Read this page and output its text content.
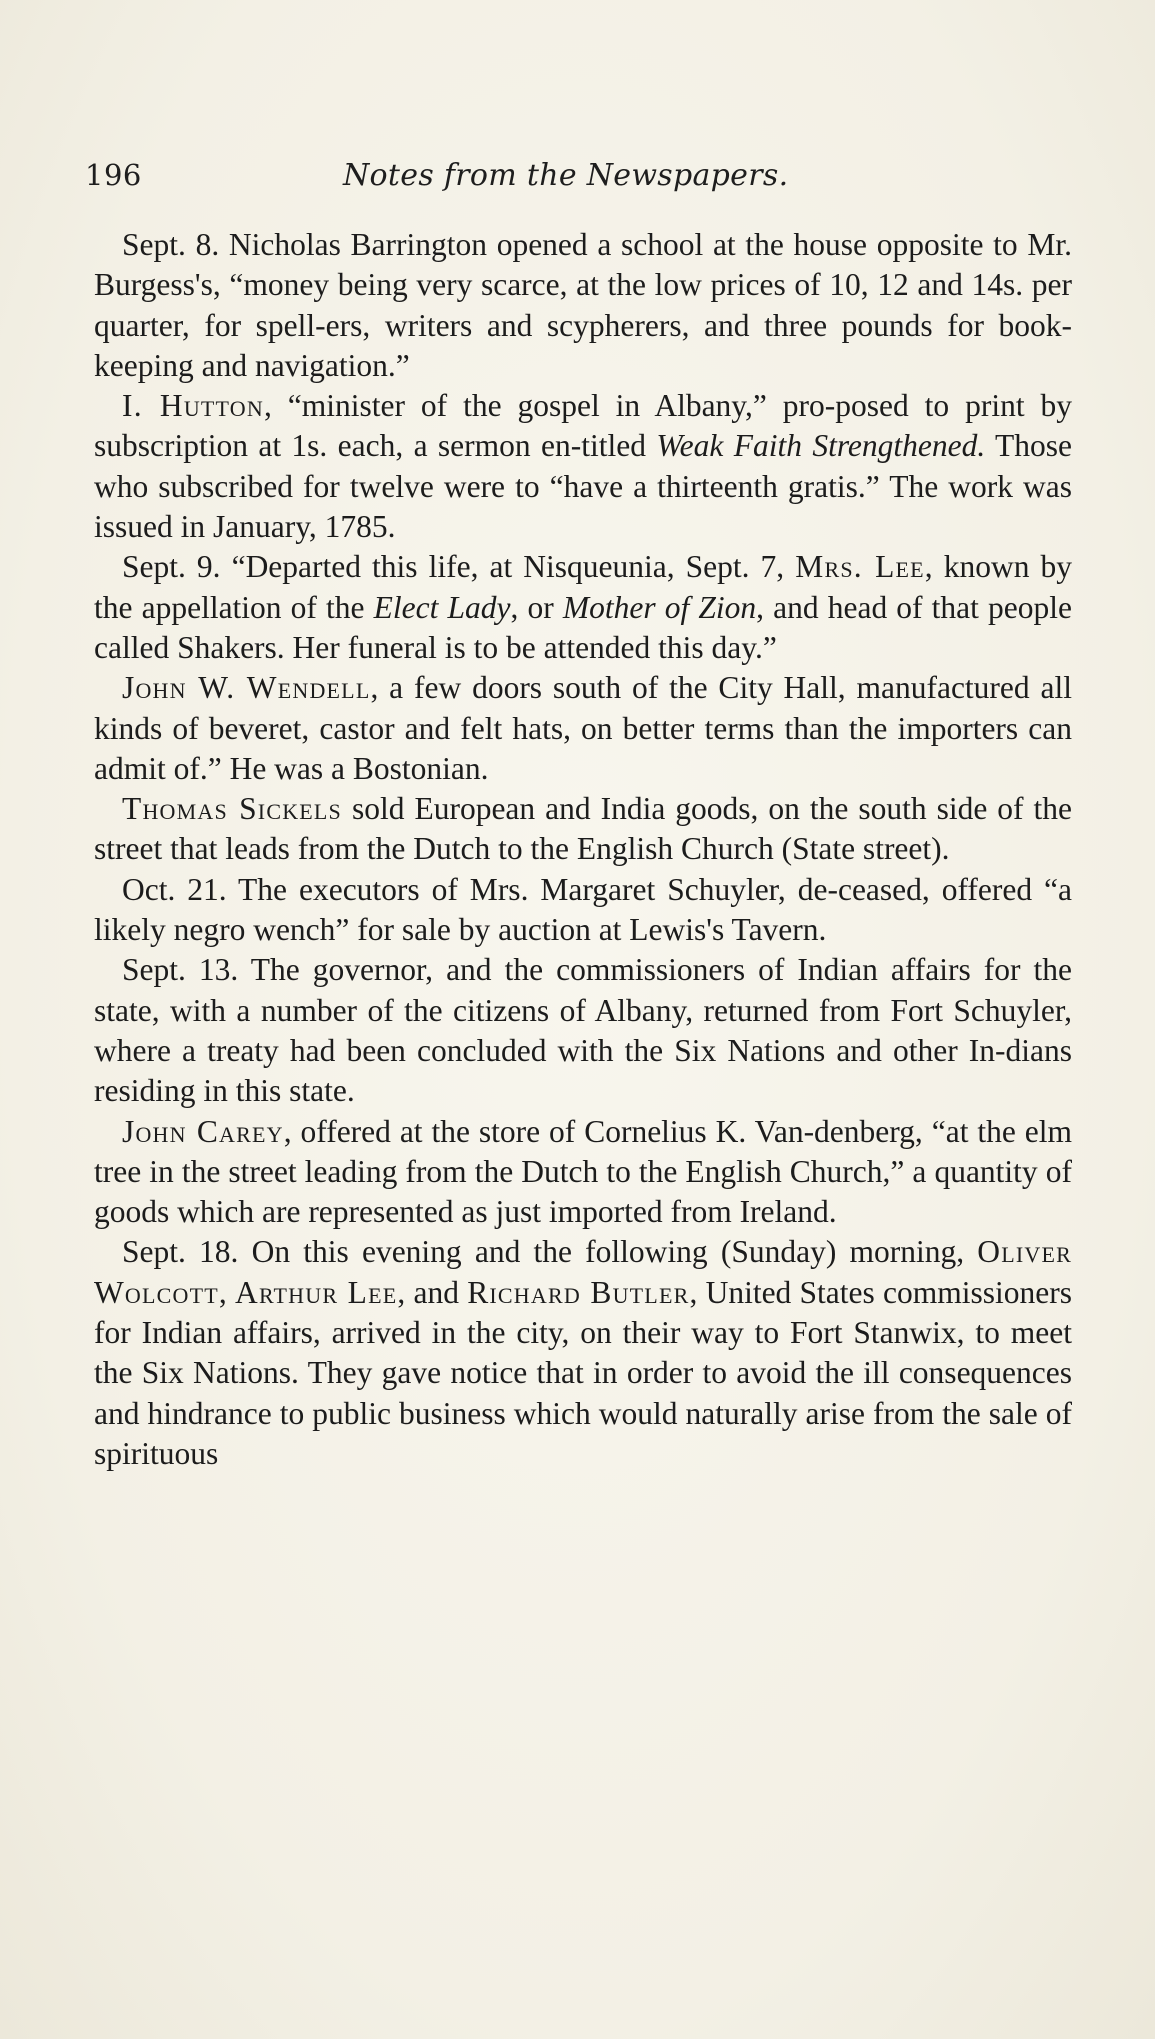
196	Notes from the Newspapers.

Sept. 8. Nicholas Barrington opened a school at the house opposite to Mr. Burgess's, “money being very scarce, at the low prices of 10, 12 and 14s. per quarter, for spell-ers, writers and scypherers, and three pounds for book-keeping and navigation.”

I. Hutton, “minister of the gospel in Albany,” pro-posed to print by subscription at 1s. each, a sermon en-titled Weak Faith Strengthened. Those who subscribed for twelve were to “have a thirteenth gratis.” The work was issued in January, 1785.

Sept. 9. “Departed this life, at Nisqueunia, Sept. 7, Mrs. Lee, known by the appellation of the Elect Lady, or Mother of Zion, and head of that people called Shakers. Her funeral is to be attended this day.”

John W. Wendell, a few doors south of the City Hall, manufactured all kinds of beveret, castor and felt hats, on better terms than the importers can admit of.” He was a Bostonian.

Thomas Sickels sold European and India goods, on the south side of the street that leads from the Dutch to the English Church (State street).

Oct. 21. The executors of Mrs. Margaret Schuyler, de-ceased, offered “a likely negro wench” for sale by auction at Lewis's Tavern.

Sept. 13. The governor, and the commissioners of Indian affairs for the state, with a number of the citizens of Albany, returned from Fort Schuyler, where a treaty had been concluded with the Six Nations and other In-dians residing in this state.

John Carey, offered at the store of Cornelius K. Van-denberg, “at the elm tree in the street leading from the Dutch to the English Church,” a quantity of goods which are represented as just imported from Ireland.

Sept. 18. On this evening and the following (Sunday) morning, Oliver Wolcott, Arthur Lee, and Richard Butler, United States commissioners for Indian affairs, arrived in the city, on their way to Fort Stanwix, to meet the Six Nations. They gave notice that in order to avoid the ill consequences and hindrance to public business which would naturally arise from the sale of spirituous
